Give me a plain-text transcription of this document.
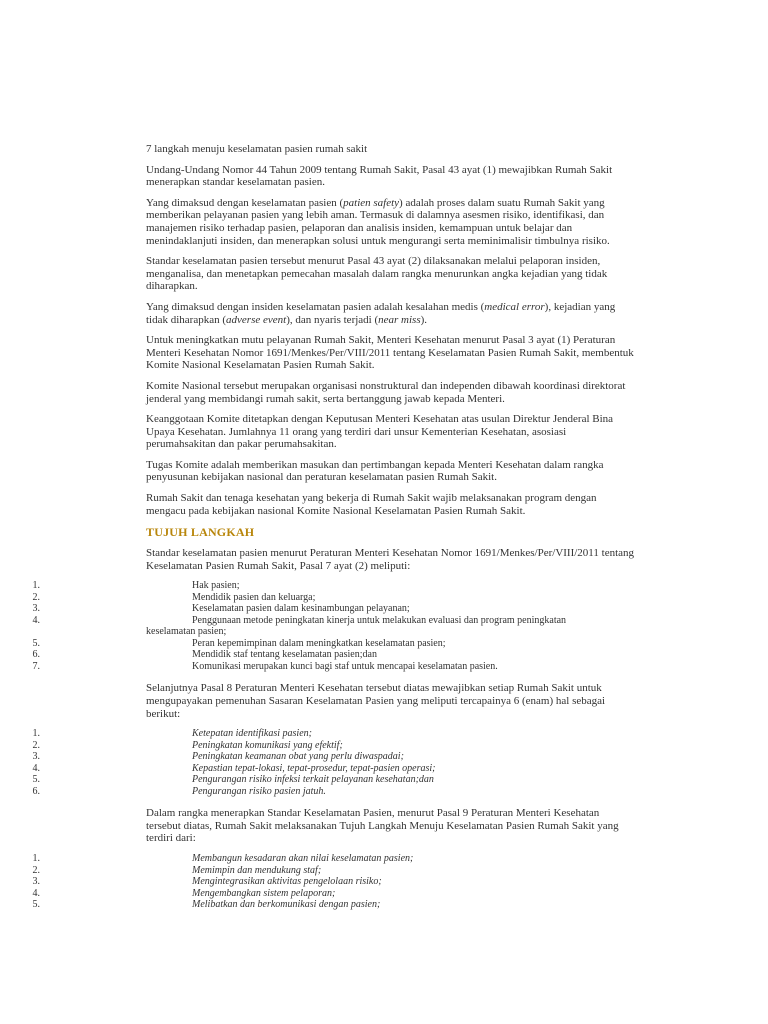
7 langkah menuju keselamatan pasien rumah sakit

Undang-Undang Nomor 44 Tahun 2009 tentang Rumah Sakit, Pasal 43 ayat (1) mewajibkan Rumah Sakit menerapkan standar keselamatan pasien.

Yang dimaksud dengan keselamatan pasien (patien safety) adalah proses dalam suatu Rumah Sakit yang memberikan pelayanan pasien yang lebih aman. Termasuk di dalamnya asesmen risiko, identifikasi, dan manajemen risiko terhadap pasien, pelaporan dan analisis insiden, kemampuan untuk belajar dan menindaklanjuti insiden, dan menerapkan solusi untuk mengurangi serta meminimalisir timbulnya risiko.

Standar keselamatan pasien tersebut menurut Pasal 43 ayat (2) dilaksanakan melalui pelaporan insiden, menganalisa, dan menetapkan pemecahan masalah dalam rangka menurunkan angka kejadian yang tidak diharapkan.

Yang dimaksud dengan insiden keselamatan pasien adalah kesalahan medis (medical error), kejadian yang tidak diharapkan (adverse event), dan nyaris terjadi (near miss).

Untuk meningkatkan mutu pelayanan Rumah Sakit, Menteri Kesehatan menurut Pasal 3 ayat (1) Peraturan Menteri Kesehatan Nomor 1691/Menkes/Per/VIII/2011 tentang Keselamatan Pasien Rumah Sakit, membentuk Komite Nasional Keselamatan Pasien Rumah Sakit.

Komite Nasional tersebut merupakan organisasi nonstruktural dan independen dibawah koordinasi direktorat jenderal yang membidangi rumah sakit, serta bertanggung jawab kepada Menteri.

Keanggotaan Komite ditetapkan dengan Keputusan Menteri Kesehatan atas usulan Direktur Jenderal Bina Upaya Kesehatan. Jumlahnya 11 orang yang terdiri dari unsur Kementerian Kesehatan, asosiasi perumahsakitan dan pakar perumahsakitan.

Tugas Komite adalah memberikan masukan dan pertimbangan kepada Menteri Kesehatan dalam rangka penyusunan kebijakan nasional dan peraturan keselamatan pasien Rumah Sakit.

Rumah Sakit dan tenaga kesehatan yang bekerja di Rumah Sakit wajib melaksanakan program dengan mengacu pada kebijakan nasional Komite Nasional Keselamatan Pasien Rumah Sakit.

TUJUH LANGKAH

Standar keselamatan pasien menurut Peraturan Menteri Kesehatan Nomor 1691/Menkes/Per/VIII/2011 tentang Keselamatan Pasien Rumah Sakit, Pasal 7 ayat (2) meliputi:

1.	Hak pasien;
2.	Mendidik pasien dan keluarga;
3.	Keselamatan pasien dalam kesinambungan pelayanan;
4.	Penggunaan metode peningkatan kinerja untuk melakukan evaluasi dan program peningkatan
keselamatan pasien;
5.	Peran kepemimpinan dalam meningkatkan keselamatan pasien;
6.	Mendidik staf tentang keselamatan pasien;dan
7.	Komunikasi merupakan kunci bagi staf untuk mencapai keselamatan pasien.

Selanjutnya Pasal 8 Peraturan Menteri Kesehatan tersebut diatas mewajibkan setiap Rumah Sakit untuk mengupayakan pemenuhan Sasaran Keselamatan Pasien yang meliputi tercapainya 6 (enam) hal sebagai berikut:

1.	Ketepatan identifikasi pasien;
2.	Peningkatan komunikasi yang efektif;
3.	Peningkatan keamanan obat yang perlu diwaspadai;
4.	Kepastian tepat-lokasi, tepat-prosedur, tepat-pasien operasi;
5.	Pengurangan risiko infeksi terkait pelayanan kesehatan;dan
6.	Pengurangan risiko pasien jatuh.

Dalam rangka menerapkan Standar Keselamatan Pasien, menurut Pasal 9 Peraturan Menteri Kesehatan tersebut diatas, Rumah Sakit melaksanakan Tujuh Langkah Menuju Keselamatan Pasien Rumah Sakit yang terdiri dari:

1.	Membangun kesadaran akan nilai keselamatan pasien;
2.	Memimpin dan mendukung staf;
3.	Mengintegrasikan aktivitas pengelolaan risiko;
4.	Mengembangkan sistem pelaporan;
5.	Melibatkan dan berkomunikasi dengan pasien;
